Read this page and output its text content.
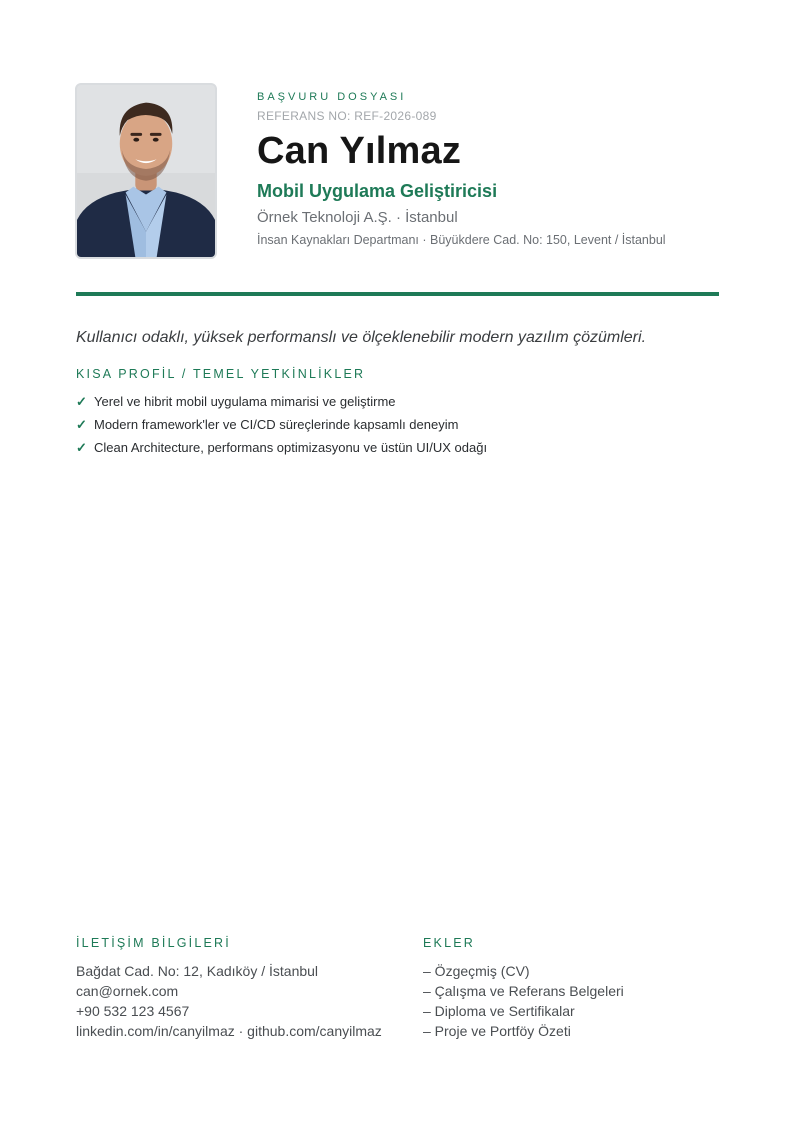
BAŞVURU DOSYASI
REFERANS NO: REF-2026-089
Can Yılmaz
Mobil Uygulama Geliştiricisi
Örnek Teknoloji A.Ş. · İstanbul
İnsan Kaynakları Departmanı · Büyükdere Cad. No: 150, Levent / İstanbul
Kullanıcı odaklı, yüksek performanslı ve ölçeklenebilir modern yazılım çözümleri.
KISA PROFİL / TEMEL YETKİNLİKLER
✓ Yerel ve hibrit mobil uygulama mimarisi ve geliştirme
✓ Modern framework'ler ve CI/CD süreçlerinde kapsamlı deneyim
✓ Clean Architecture, performans optimizasyonu ve üstün UI/UX odağı
İLETİŞİM BİLGİLERİ
Bağdat Cad. No: 12, Kadıköy / İstanbul
can@ornek.com
+90 532 123 4567
linkedin.com/in/canyilmaz · github.com/canyilmaz
EKLER
– Özgeçmiş (CV)
– Çalışma ve Referans Belgeleri
– Diploma ve Sertifikalar
– Proje ve Portföy Özeti
